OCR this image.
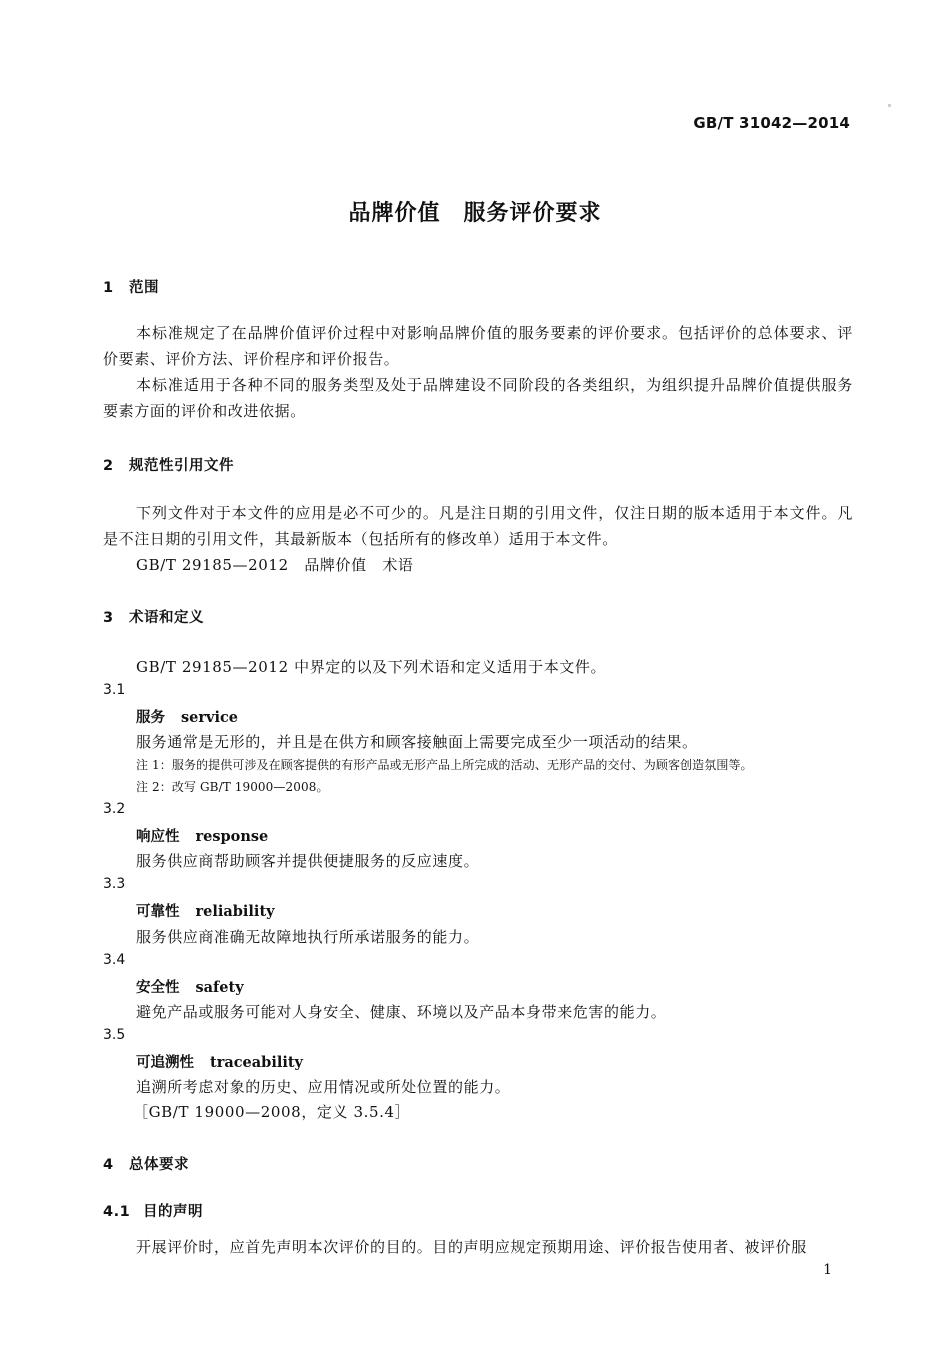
GB/T 31042—2014
品牌价值　服务评价要求
1 范围
本标准规定了在品牌价值评价过程中对影响品牌价值的服务要素的评价要求。包括评价的总体要求、评价要素、评价方法、评价程序和评价报告。
本标准适用于各种不同的服务类型及处于品牌建设不同阶段的各类组织，为组织提升品牌价值提供服务要素方面的评价和改进依据。
2 规范性引用文件
下列文件对于本文件的应用是必不可少的。凡是注日期的引用文件，仅注日期的版本适用于本文件。凡是不注日期的引用文件，其最新版本（包括所有的修改单）适用于本文件。
GB/T 29185—2012　品牌价值　术语
3 术语和定义
GB/T 29185—2012 中界定的以及下列术语和定义适用于本文件。
3.1
服务 service
服务通常是无形的，并且是在供方和顾客接触面上需要完成至少一项活动的结果。
注 1：服务的提供可涉及在顾客提供的有形产品或无形产品上所完成的活动、无形产品的交付、为顾客创造氛围等。
注 2：改写 GB/T 19000—2008。
3.2
响应性 response
服务供应商帮助顾客并提供便捷服务的反应速度。
3.3
可靠性 reliability
服务供应商准确无故障地执行所承诺服务的能力。
3.4
安全性 safety
避免产品或服务可能对人身安全、健康、环境以及产品本身带来危害的能力。
3.5
可追溯性 traceability
追溯所考虑对象的历史、应用情况或所处位置的能力。
［GB/T 19000—2008，定义 3.5.4］
4 总体要求
4.1 目的声明
开展评价时，应首先声明本次评价的目的。目的声明应规定预期用途、评价报告使用者、被评价服
1
